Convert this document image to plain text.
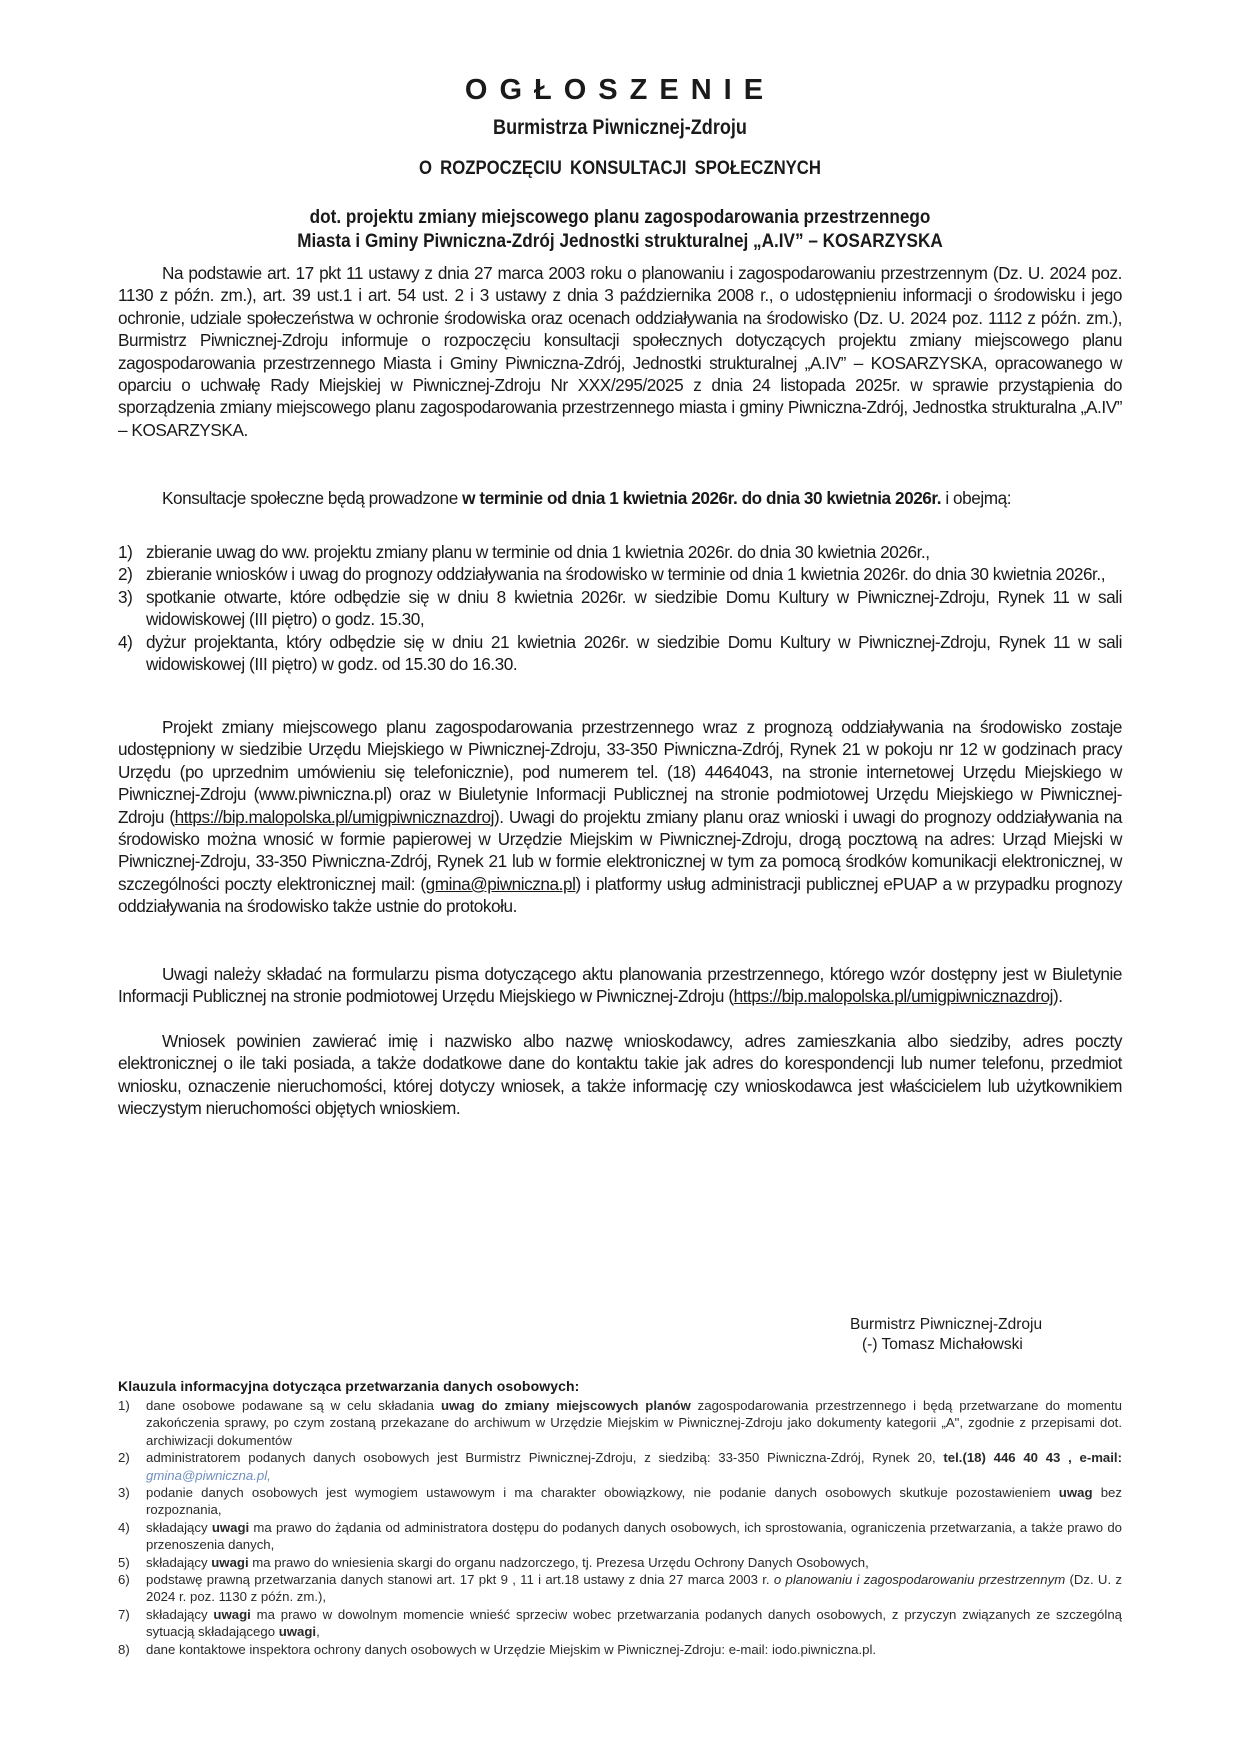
OGŁOSZENIE
Burmistrza Piwnicznej-Zdroju
O ROZPOCZĘCIU KONSULTACJI SPOŁECZNYCH
dot. projektu zmiany miejscowego planu zagospodarowania przestrzennego
Miasta i Gminy Piwniczna-Zdrój Jednostki strukturalnej „A.IV” – KOSARZYSKA

Na podstawie art. 17 pkt 11 ustawy z dnia 27 marca 2003 roku o planowaniu i zagospodarowaniu przestrzennym (Dz. U. 2024 poz. 1130 z późn. zm.), art. 39 ust.1 i art. 54 ust. 2 i 3 ustawy z dnia 3 października 2008 r., o udostępnieniu informacji o środowisku i jego ochronie, udziale społeczeństwa w ochronie środowiska oraz ocenach oddziaływania na środowisko (Dz. U. 2024 poz. 1112 z późn. zm.), Burmistrz Piwnicznej-Zdroju informuje o rozpoczęciu konsultacji społecznych dotyczących projektu zmiany miejscowego planu zagospodarowania przestrzennego Miasta i Gminy Piwniczna-Zdrój, Jednostki strukturalnej „A.IV” – KOSARZYSKA, opracowanego w oparciu o uchwałę Rady Miejskiej w Piwnicznej-Zdroju Nr XXX/295/2025 z dnia 24 listopada 2025r. w sprawie przystąpienia do sporządzenia zmiany miejscowego planu zagospodarowania przestrzennego miasta i gminy Piwniczna-Zdrój, Jednostka strukturalna „A.IV” – KOSARZYSKA.

Konsultacje społeczne będą prowadzone w terminie od dnia 1 kwietnia 2026r. do dnia 30 kwietnia 2026r. i obejmą:

1) zbieranie uwag do ww. projektu zmiany planu w terminie od dnia 1 kwietnia 2026r. do dnia 30 kwietnia 2026r.,
2) zbieranie wniosków i uwag do prognozy oddziaływania na środowisko w terminie od dnia 1 kwietnia 2026r. do dnia 30 kwietnia 2026r.,
3) spotkanie otwarte, które odbędzie się w dniu 8 kwietnia 2026r. w siedzibie Domu Kultury w Piwnicznej-Zdroju, Rynek 11 w sali widowiskowej (III piętro) o godz. 15.30,
4) dyżur projektanta, który odbędzie się w dniu 21 kwietnia 2026r. w siedzibie Domu Kultury w Piwnicznej-Zdroju, Rynek 11 w sali widowiskowej (III piętro) w godz. od 15.30 do 16.30.

Projekt zmiany miejscowego planu zagospodarowania przestrzennego wraz z prognozą oddziaływania na środowisko zostaje udostępniony w siedzibie Urzędu Miejskiego w Piwnicznej-Zdroju, 33-350 Piwniczna-Zdrój, Rynek 21 w pokoju nr 12 w godzinach pracy Urzędu (po uprzednim umówieniu się telefonicznie), pod numerem tel. (18) 4464043, na stronie internetowej Urzędu Miejskiego w Piwnicznej-Zdroju (www.piwniczna.pl) oraz w Biuletynie Informacji Publicznej na stronie podmiotowej Urzędu Miejskiego w Piwnicznej-Zdroju (https://bip.malopolska.pl/umigpiwnicznazdroj). Uwagi do projektu zmiany planu oraz wnioski i uwagi do prognozy oddziaływania na środowisko można wnosić w formie papierowej w Urzędzie Miejskim w Piwnicznej-Zdroju, drogą pocztową na adres: Urząd Miejski w Piwnicznej-Zdroju, 33-350 Piwniczna-Zdrój, Rynek 21 lub w formie elektronicznej w tym za pomocą środków komunikacji elektronicznej, w szczególności poczty elektronicznej mail: (gmina@piwniczna.pl) i platformy usług administracji publicznej ePUAP a w przypadku prognozy oddziaływania na środowisko także ustnie do protokołu.

Uwagi należy składać na formularzu pisma dotyczącego aktu planowania przestrzennego, którego wzór dostępny jest w Biuletynie Informacji Publicznej na stronie podmiotowej Urzędu Miejskiego w Piwnicznej-Zdroju (https://bip.malopolska.pl/umigpiwnicznazdroj).

Wniosek powinien zawierać imię i nazwisko albo nazwę wnioskodawcy, adres zamieszkania albo siedziby, adres poczty elektronicznej o ile taki posiada, a także dodatkowe dane do kontaktu takie jak adres do korespondencji lub numer telefonu, przedmiot wniosku, oznaczenie nieruchomości, której dotyczy wniosek, a także informację czy wnioskodawca jest właścicielem lub użytkownikiem wieczystym nieruchomości objętych wnioskiem.

Burmistrz Piwnicznej-Zdroju
(-) Tomasz Michałowski
Klauzula informacyjna dotycząca przetwarzania danych osobowych:
1) dane osobowe podawane są w celu składania uwag do zmiany miejscowych planów zagospodarowania przestrzennego i będą przetwarzane do momentu zakończenia sprawy, po czym zostaną przekazane do archiwum w Urzędzie Miejskim w Piwnicznej-Zdroju jako dokumenty kategorii „A", zgodnie z przepisami dot. archiwizacji dokumentów
2) administratorem podanych danych osobowych jest Burmistrz Piwnicznej-Zdroju, z siedzibą: 33-350 Piwniczna-Zdrój, Rynek 20, tel.(18) 446 40 43 , e-mail: gmina@piwniczna.pl,
3) podanie danych osobowych jest wymogiem ustawowym i ma charakter obowiązkowy, nie podanie danych osobowych skutkuje pozostawieniem uwag bez rozpoznania,
4) składający uwagi ma prawo do żądania od administratora dostępu do podanych danych osobowych, ich sprostowania, ograniczenia przetwarzania, a także prawo do przenoszenia danych,
5) składający uwagi ma prawo do wniesienia skargi do organu nadzorczego, tj. Prezesa Urzędu Ochrony Danych Osobowych,
6) podstawę prawną przetwarzania danych stanowi art. 17 pkt 9 , 11 i art.18 ustawy z dnia 27 marca 2003 r. o planowaniu i zagospodarowaniu przestrzennym (Dz. U. z 2024 r. poz. 1130 z późn. zm.),
7) składający uwagi ma prawo w dowolnym momencie wnieść sprzeciw wobec przetwarzania podanych danych osobowych, z przyczyn związanych ze szczególną sytuacją składającego uwagi,
8) dane kontaktowe inspektora ochrony danych osobowych w Urzędzie Miejskim w Piwnicznej-Zdroju: e-mail: iodo.piwniczna.pl.
